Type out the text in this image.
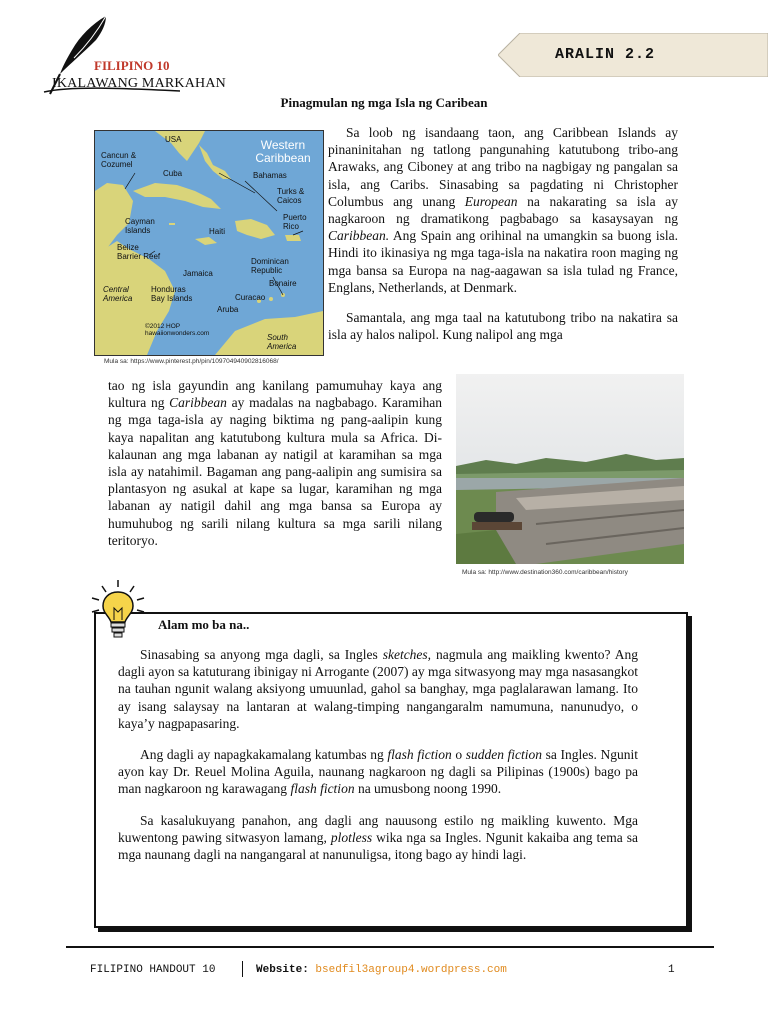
FILIPINO 10
IKALAWANG MARKAHAN
ARALIN 2.2
Pinagmulan ng mga Isla ng Caribean
USA	Western
Caribbean
Cancun &
Cozumel
Cuba	Bahamas
Turks &
Caicos
Cayman
Islands	Haiti
Puerto
Rico
Belize
Barrier Reef
Dominican
Republic
Jamaica
Bonaire
Central
America
Honduras
Bay Islands	Curacao
Aruba
©2012 HOP
hawaiionwonders.com	South
America
Mula sa: https://www.pinterest.ph/pin/109704940902816068/

Sa loob ng isandaang taon, ang Caribbean Islands ay pinaninitahan ng tatlong pangunahing katutubong tribo-ang Arawaks, ang Ciboney at ang tribo na nagbigay ng pangalan sa isla, ang Caribs. Sinasabing sa pagdating ni Christopher Columbus ang unang European na nakarating sa isla ay nagkaroon ng dramatikong pagbabago sa kasaysayan ng Caribbean. Ang Spain ang orihinal na umangkin sa buong isla. Hindi ito ikinasiya ng mga taga-isla na nakatira roon maging ng mga bansa sa Europa na nag-aagawan sa isla tulad ng France, Englans, Netherlands, at Denmark.

Samantala, ang mga taal na katutubong tribo na nakatira sa isla ay halos nalipol. Kung nalipol ang mga

tao ng isla gayundin ang kanilang pamumuhay kaya ang kultura ng Caribbean ay madalas na nagbabago. Karamihan ng mga taga-isla ay naging biktima ng pang-aalipin kung kaya napalitan ang katutubong kultura mula sa Africa. Di-kalaunan ang mga labanan ay natigil at karamihan sa mga isla ay natahimil. Bagaman ang pang-aalipin ang sumisira sa plantasyon ng asukal at kape sa lugar, karamihan ng mga labanan ay natigil dahil ang mga bansa sa Europa ay humuhubog ng sarili nilang kultura sa mga sarili nilang teritoryo.
Mula sa: http://www.destination360.com/caribbean/history
Alam mo ba na..

Sinasabing sa anyong mga dagli, sa Ingles sketches, nagmula ang maikling kwento? Ang dagli ayon sa katuturang ibinigay ni Arrogante (2007) ay mga sitwasyong may mga nasasangkot na tauhan ngunit walang aksiyong umuunlad, gahol sa banghay, mga paglalarawan lamang. Ito ay isang salaysay na lantaran at walang-timping nangangaralm namumuna, nanunudyo, o kaya’y nagpapasaring.

Ang dagli ay napagkakamalang katumbas ng flash fiction o sudden fiction sa Ingles. Ngunit ayon kay Dr. Reuel Molina Aguila, naunang nagkaroon ng dagli sa Pilipinas (1900s) bago pa man nagkaroon ng karawagang flash fiction na umusbong noong 1990.

Sa kasalukuyang panahon, ang dagli ang nauusong estilo ng maikling kuwento. Mga kuwentong pawing sitwasyon lamang, plotless wika nga sa Ingles. Ngunit kakaiba ang tema sa mga naunang dagli na nangangaral at nanunuligsa, itong bago ay hindi lagi.

FILIPINO HANDOUT 10	Website: bsedfil3agroup4.wordpress.com	1
